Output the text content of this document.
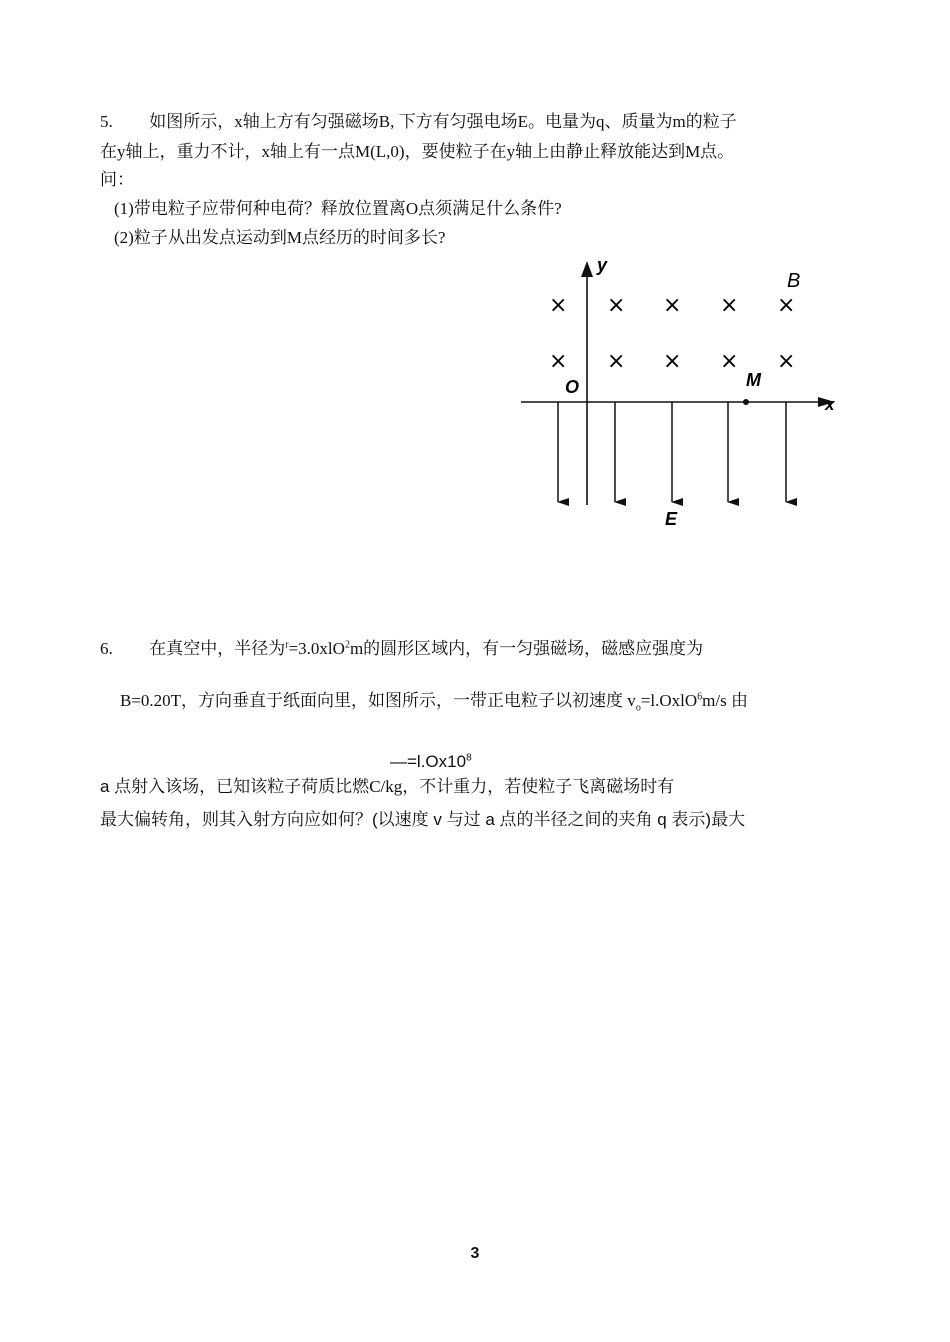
5. 如图所示，x轴上方有匀强磁场B, 下方有匀强电场E。电量为q、质量为m的粒子
在y轴上，重力不计，x轴上有一点M(L,0)，要使粒子在y轴上由静止释放能达到M点。
问：
(1)带电粒子应带何种电荷？释放位置离O点须满足什么条件?
(2)粒子从出发点运动到M点经历的时间多长?
y
x
B
O	M
E
× × × × ×
× × × × ×
6. 在真空中，半径为$^r$=3.0xlO$^2$m的圆形区域内，有一匀强磁场，磁感应强度为
B=0.20T，方向垂直于纸面向里，如图所示，一带正电粒子以初速度 $v_o=l.OxlO^6m/s$ 由
$—=l.Ox10^8$
a 点射入该场，已知该粒子荷质比燃C/kg，不计重力，若使粒子飞离磁场时有
最大偏转角，则其入射方向应如何？(以速度 v 与过 a 点的半径之间的夹角 q 表示)最大
3
